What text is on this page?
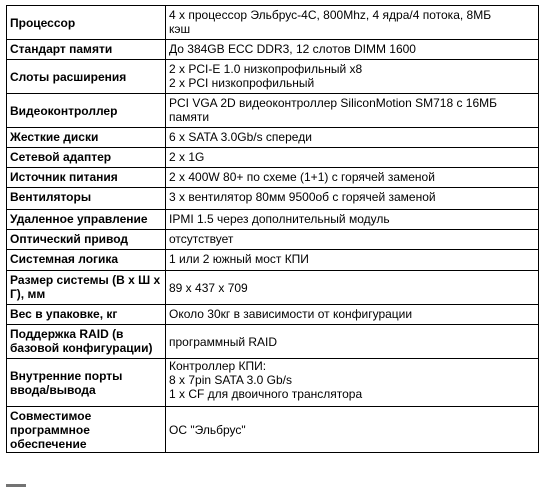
Процессор	4 x процессор Эльбрус-4С, 800Mhz, 4 ядра/4 потока, 8МБ
кэш
Стандарт памяти	До 384GB ECC DDR3, 12 слотов DIMM 1600
Слоты расширения	2 x PCI-E 1.0 низкопрофильный x8
2 x PCI низкопрофильный
Видеоконтроллер	PCI VGA 2D видеоконтроллер SiliconMotion SM718 с 16МБ
памяти
Жесткие диски	6 x SATA 3.0Gb/s спереди
Сетевой адаптер	2 x 1G
Источник питания	2 x 400W 80+ по схеме (1+1) с горячей заменой
Вентиляторы	3 x вентилятор 80мм 9500об с горячей заменой
Удаленное управление	IPMI 1.5 через дополнительный модуль
Оптический привод	отсутствует
Системная логика	1 или 2 южный мост КПИ
Размер системы (В х Ш х
Г), мм	89 x 437 x 709
Вес в упаковке, кг	Около 30кг в зависимости от конфигурации
Поддержка RAID (в
базовой конфигурации)	программный RAID
Внутренние порты
ввода/вывода	Контроллер КПИ:
8 x 7pin SATA 3.0 Gb/s
1 x CF для двоичного транслятора
Совместимое
программное
обеспечение	ОС "Эльбрус"
